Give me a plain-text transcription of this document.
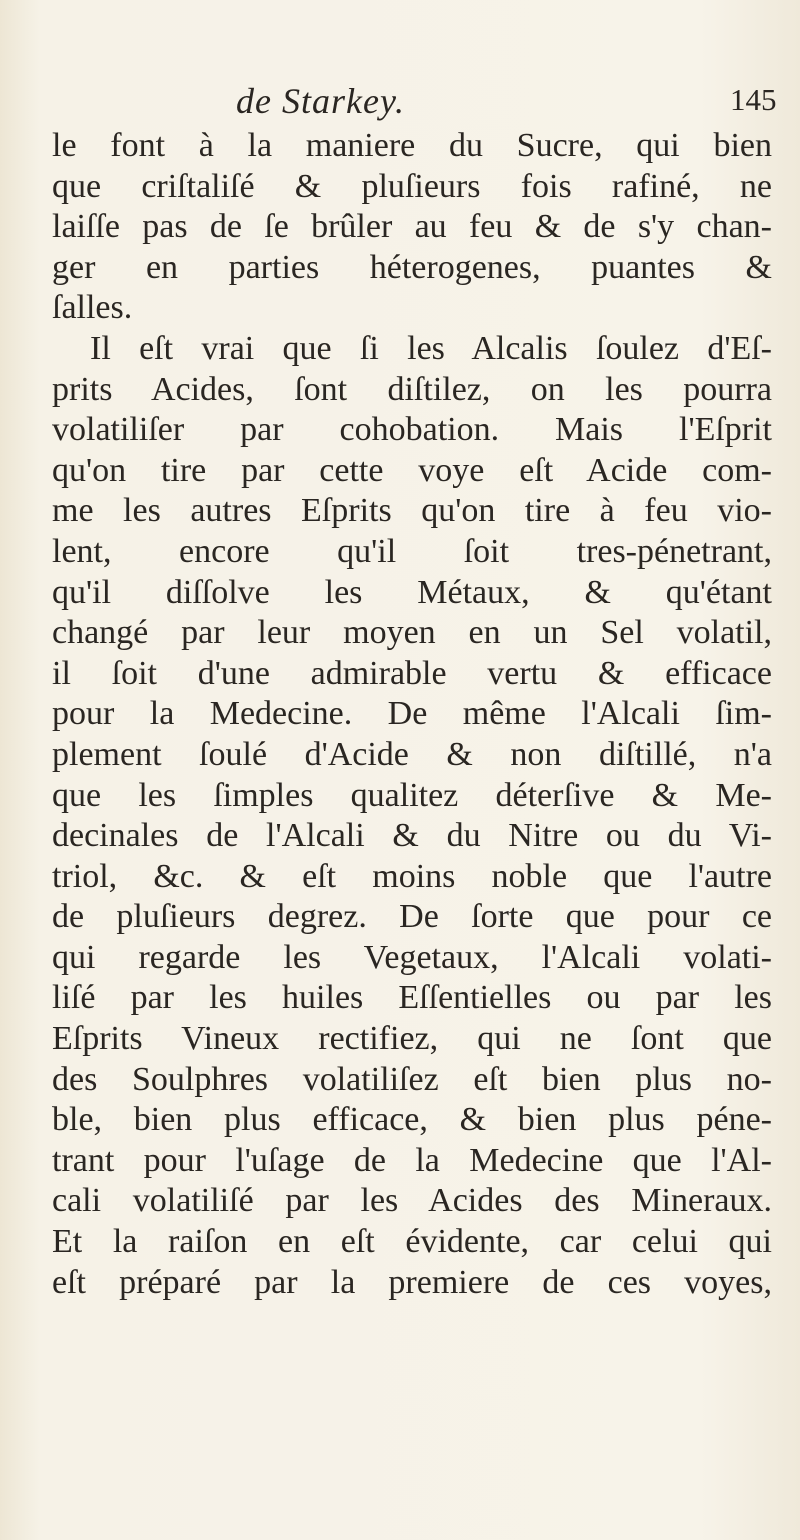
de Starkey.	145
le font à la maniere du Sucre, qui bien
que criſtaliſé & pluſieurs fois rafiné, ne
laiſſe pas de ſe brûler au feu & de s'y chan-
ger en parties héterogenes, puantes &
ſalles.
Il eſt vrai que ſi les Alcalis ſoulez d'Eſ-
prits Acides, ſont diſtilez, on les pourra
volatiliſer par cohobation. Mais l'Eſprit
qu'on tire par cette voye eſt Acide com-
me les autres Eſprits qu'on tire à feu vio-
lent, encore qu'il ſoit tres-pénetrant,
qu'il diſſolve les Métaux, & qu'étant
changé par leur moyen en un Sel volatil,
il ſoit d'une admirable vertu & efficace
pour la Medecine. De même l'Alcali ſim-
plement ſoulé d'Acide & non diſtillé, n'a
que les ſimples qualitez déterſive & Me-
decinales de l'Alcali & du Nitre ou du Vi-
triol, &c. & eſt moins noble que l'autre
de pluſieurs degrez. De ſorte que pour ce
qui regarde les Vegetaux, l'Alcali volati-
liſé par les huiles Eſſentielles ou par les
Eſprits Vineux rectifiez, qui ne ſont que
des Soulphres volatiliſez eſt bien plus no-
ble, bien plus efficace, & bien plus péne-
trant pour l'uſage de la Medecine que l'Al-
cali volatiliſé par les Acides des Mineraux.
Et la raiſon en eſt évidente, car celui qui
eſt préparé par la premiere de ces voyes,
